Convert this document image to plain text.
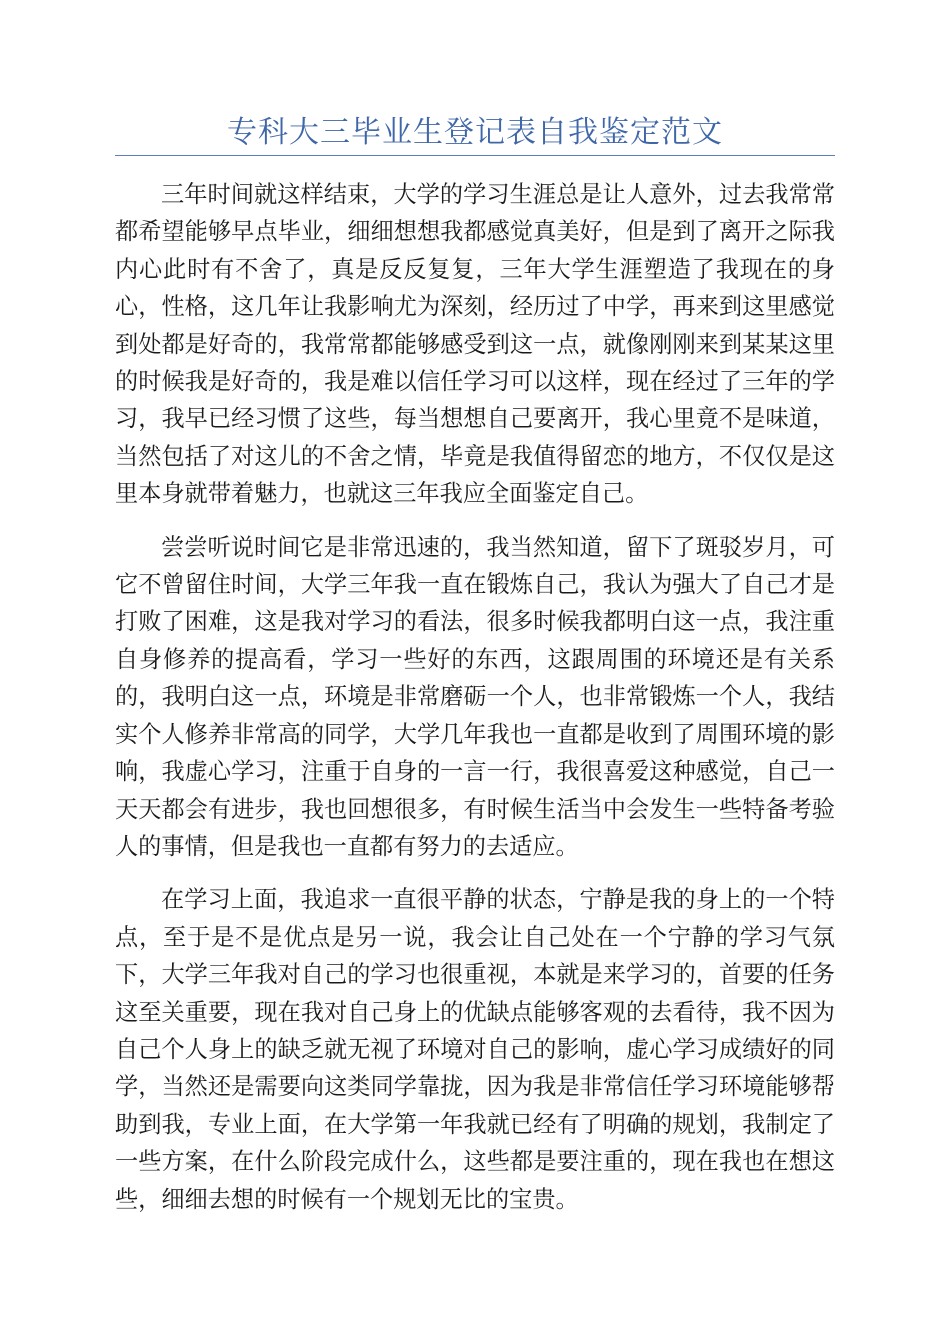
专科大三毕业生登记表自我鉴定范文

三年时间就这样结束，大学的学习生涯总是让人意外，过去我常常都希望能够早点毕业，细细想想我都感觉真美好，但是到了离开之际我内心此时有不舍了，真是反反复复，三年大学生涯塑造了我现在的身心，性格，这几年让我影响尤为深刻，经历过了中学，再来到这里感觉到处都是好奇的，我常常都能够感受到这一点，就像刚刚来到某某这里的时候我是好奇的，我是难以信任学习可以这样，现在经过了三年的学习，我早已经习惯了这些，每当想想自己要离开，我心里竟不是味道，当然包括了对这儿的不舍之情，毕竟是我值得留恋的地方，不仅仅是这里本身就带着魅力，也就这三年我应全面鉴定自己。

尝尝听说时间它是非常迅速的，我当然知道，留下了斑驳岁月，可它不曾留住时间，大学三年我一直在锻炼自己，我认为强大了自己才是打败了困难，这是我对学习的看法，很多时候我都明白这一点，我注重自身修养的提高看，学习一些好的东西，这跟周围的环境还是有关系的，我明白这一点，环境是非常磨砺一个人，也非常锻炼一个人，我结实个人修养非常高的同学，大学几年我也一直都是收到了周围环境的影响，我虚心学习，注重于自身的一言一行，我很喜爱这种感觉，自己一天天都会有进步，我也回想很多，有时候生活当中会发生一些特备考验人的事情，但是我也一直都有努力的去适应。

在学习上面，我追求一直很平静的状态，宁静是我的身上的一个特点，至于是不是优点是另一说，我会让自己处在一个宁静的学习气氛下，大学三年我对自己的学习也很重视，本就是来学习的，首要的任务这至关重要，现在我对自己身上的优缺点能够客观的去看待，我不因为自己个人身上的缺乏就无视了环境对自己的影响，虚心学习成绩好的同学，当然还是需要向这类同学靠拢，因为我是非常信任学习环境能够帮助到我，专业上面，在大学第一年我就已经有了明确的规划，我制定了一些方案，在什么阶段完成什么，这些都是要注重的，现在我也在想这些，细细去想的时候有一个规划无比的宝贵。
